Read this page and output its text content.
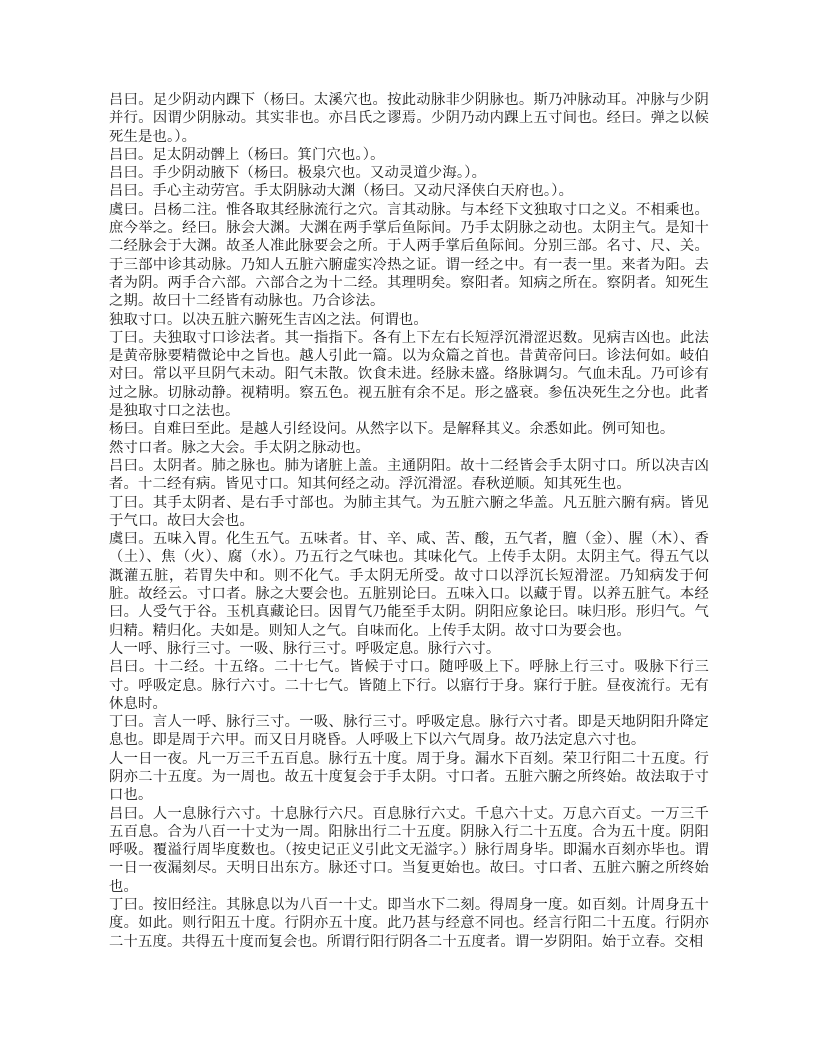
吕曰。足少阴动内踝下（杨曰。太溪穴也。按此动脉非少阴脉也。斯乃冲脉动耳。冲脉与少阴并行。因谓少阴脉动。其实非也。亦吕氏之谬焉。少阴乃动内踝上五寸间也。经曰。弹之以候死生是也。）。

吕曰。足太阴动髀上（杨曰。箕门穴也。）。

吕曰。手少阴动腋下（杨曰。极泉穴也。又动灵道少海。）。

吕曰。手心主动劳宫。手太阴脉动大渊（杨曰。又动尺泽侠白天府也。）。

虞曰。吕杨二注。惟各取其经脉流行之穴。言其动脉。与本经下文独取寸口之义。不相乘也。庶今举之。经曰。脉会大渊。大渊在两手掌后鱼际间。乃手太阴脉之动也。太阴主气。是知十二经脉会于大渊。故圣人准此脉要会之所。于人两手掌后鱼际间。分别三部。名寸、尺、关。于三部中诊其动脉。乃知人五脏六腑虚实冷热之证。谓一经之中。有一表一里。来者为阳。去者为阴。两手合六部。六部合之为十二经。其理明矣。察阳者。知病之所在。察阴者。知死生之期。故曰十二经皆有动脉也。乃合诊法。

独取寸口。以决五脏六腑死生吉凶之法。何谓也。

丁曰。夫独取寸口诊法者。其一指指下。各有上下左右长短浮沉滑涩迟数。见病吉凶也。此法是黄帝脉要精微论中之旨也。越人引此一篇。以为众篇之首也。昔黄帝问曰。诊法何如。岐伯对曰。常以平旦阴气未动。阳气未散。饮食未进。经脉未盛。络脉调匀。气血未乱。乃可诊有过之脉。切脉动静。视精明。察五色。视五脏有余不足。形之盛衰。参伍决死生之分也。此者是独取寸口之法也。

杨曰。自难曰至此。是越人引经设问。从然字以下。是解释其义。余悉如此。例可知也。

然寸口者。脉之大会。手太阴之脉动也。

吕曰。太阴者。肺之脉也。肺为诸脏上盖。主通阴阳。故十二经皆会手太阴寸口。所以决吉凶者。十二经有病。皆见寸口。知其何经之动。浮沉滑涩。春秋逆顺。知其死生也。

丁曰。其手太阴者、是右手寸部也。为肺主其气。为五脏六腑之华盖。凡五脏六腑有病。皆见于气口。故曰大会也。

虞曰。五味入胃。化生五气。五味者。甘、辛、咸、苦、酸，五气者，膻（金）、腥（木）、香（土）、焦（火）、腐（水）。乃五行之气味也。其味化气。上传手太阴。太阴主气。得五气以溉灌五脏，若胃失中和。则不化气。手太阴无所受。故寸口以浮沉长短滑涩。乃知病发于何脏。故经云。寸口者。脉之大要会也。五脏别论曰。五味入口。以藏于胃。以养五脏气。本经曰。人受气于谷。玉机真藏论曰。因胃气乃能至手太阴。阴阳应象论曰。味归形。形归气。气归精。精归化。夫如是。则知人之气。自味而化。上传手太阴。故寸口为要会也。

人一呼、脉行三寸。一吸、脉行三寸。呼吸定息。脉行六寸。

吕曰。十二经。十五络。二十七气。皆候于寸口。随呼吸上下。呼脉上行三寸。吸脉下行三寸。呼吸定息。脉行六寸。二十七气。皆随上下行。以寤行于身。寐行于脏。昼夜流行。无有休息时。

丁曰。言人一呼、脉行三寸。一吸、脉行三寸。呼吸定息。脉行六寸者。即是天地阴阳升降定息也。即是周于六甲。而又日月晓昏。人呼吸上下以六气周身。故乃法定息六寸也。

人一日一夜。凡一万三千五百息。脉行五十度。周于身。漏水下百刻。荣卫行阳二十五度。行阴亦二十五度。为一周也。故五十度复会于手太阴。寸口者。五脏六腑之所终始。故法取于寸口也。

吕曰。人一息脉行六寸。十息脉行六尺。百息脉行六丈。千息六十丈。万息六百丈。一万三千五百息。合为八百一十丈为一周。阳脉出行二十五度。阴脉入行二十五度。合为五十度。阴阳呼吸。覆溢行周毕度数也。（按史记正义引此文无溢字。）脉行周身毕。即漏水百刻亦毕也。谓一日一夜漏刻尽。天明日出东方。脉还寸口。当复更始也。故曰。寸口者、五脏六腑之所终始也。

丁曰。按旧经注。其脉息以为八百一十丈。即当水下二刻。得周身一度。如百刻。计周身五十度。如此。则行阳五十度。行阴亦五十度。此乃甚与经意不同也。经言行阳二十五度。行阴亦二十五度。共得五十度而复会也。所谓行阳行阴各二十五度者。谓一岁阴阳。始于立春。交相
